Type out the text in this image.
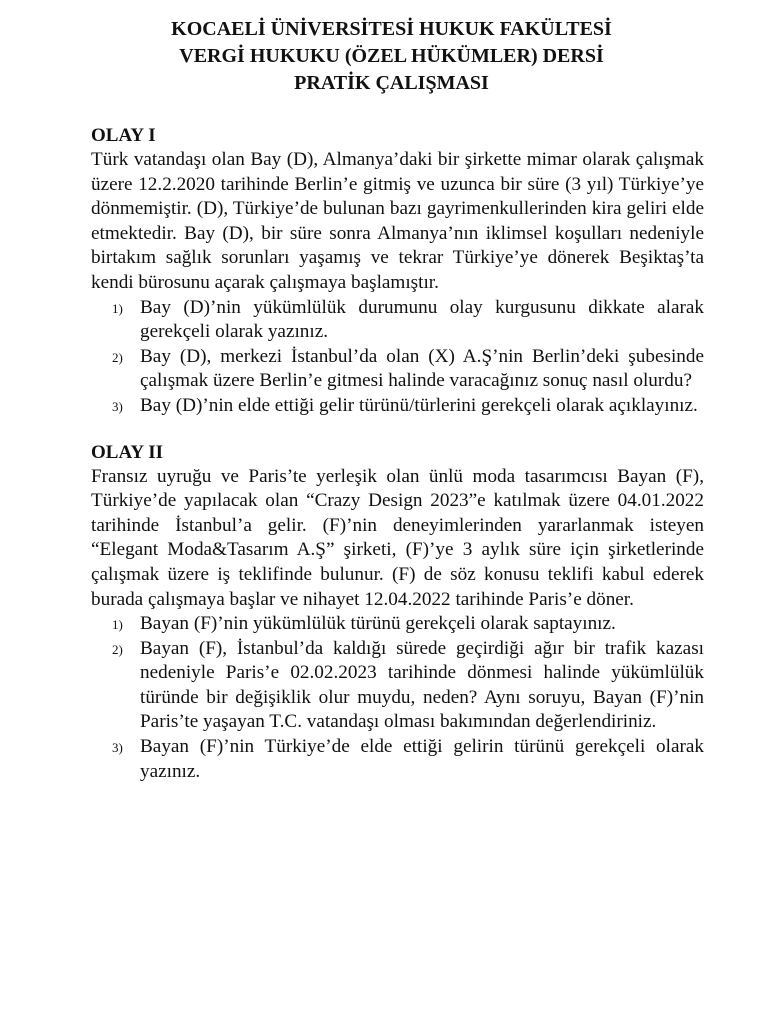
KOCAELİ ÜNİVERSİTESİ HUKUK FAKÜLTESİ
VERGİ HUKUKU (ÖZEL HÜKÜMLER) DERSİ
PRATİK ÇALIŞMASI
OLAY I

Türk vatandaşı olan Bay (D), Almanya’daki bir şirkette mimar olarak çalışmak üzere 12.2.2020 tarihinde Berlin’e gitmiş ve uzunca bir süre (3 yıl) Türkiye’ye dönmemiştir. (D), Türkiye’de bulunan bazı gayrimenkullerinden kira geliri elde etmektedir. Bay (D), bir süre sonra Almanya’nın iklimsel koşulları nedeniyle birtakım sağlık sorunları yaşamış ve tekrar Türkiye’ye dönerek Beşiktaş’ta kendi bürosunu açarak çalışmaya başlamıştır.

1) Bay (D)’nin yükümlülük durumunu olay kurgusunu dikkate alarak gerekçeli olarak yazınız.
2) Bay (D), merkezi İstanbul’da olan (X) A.Ş’nin Berlin’deki şubesinde çalışmak üzere Berlin’e gitmesi halinde varacağınız sonuç nasıl olurdu?
3) Bay (D)’nin elde ettiği gelir türünü/türlerini gerekçeli olarak açıklayınız.
OLAY II

Fransız uyruğu ve Paris’te yerleşik olan ünlü moda tasarımcısı Bayan (F), Türkiye’de yapılacak olan “Crazy Design 2023”e katılmak üzere 04.01.2022 tarihinde İstanbul’a gelir. (F)’nin deneyimlerinden yararlanmak isteyen “Elegant Moda&Tasarım A.Ş” şirketi, (F)’ye 3 aylık süre için şirketlerinde çalışmak üzere iş teklifinde bulunur. (F) de söz konusu teklifi kabul ederek burada çalışmaya başlar ve nihayet 12.04.2022 tarihinde Paris’e döner.

1) Bayan (F)’nin yükümlülük türünü gerekçeli olarak saptayınız.
2) Bayan (F), İstanbul’da kaldığı sürede geçirdiği ağır bir trafik kazası nedeniyle Paris’e 02.02.2023 tarihinde dönmesi halinde yükümlülük türünde bir değişiklik olur muydu, neden? Aynı soruyu, Bayan (F)’nin Paris’te yaşayan T.C. vatandaşı olması bakımından değerlendiriniz.
3) Bayan (F)’nin Türkiye’de elde ettiği gelirin türünü gerekçeli olarak yazınız.
